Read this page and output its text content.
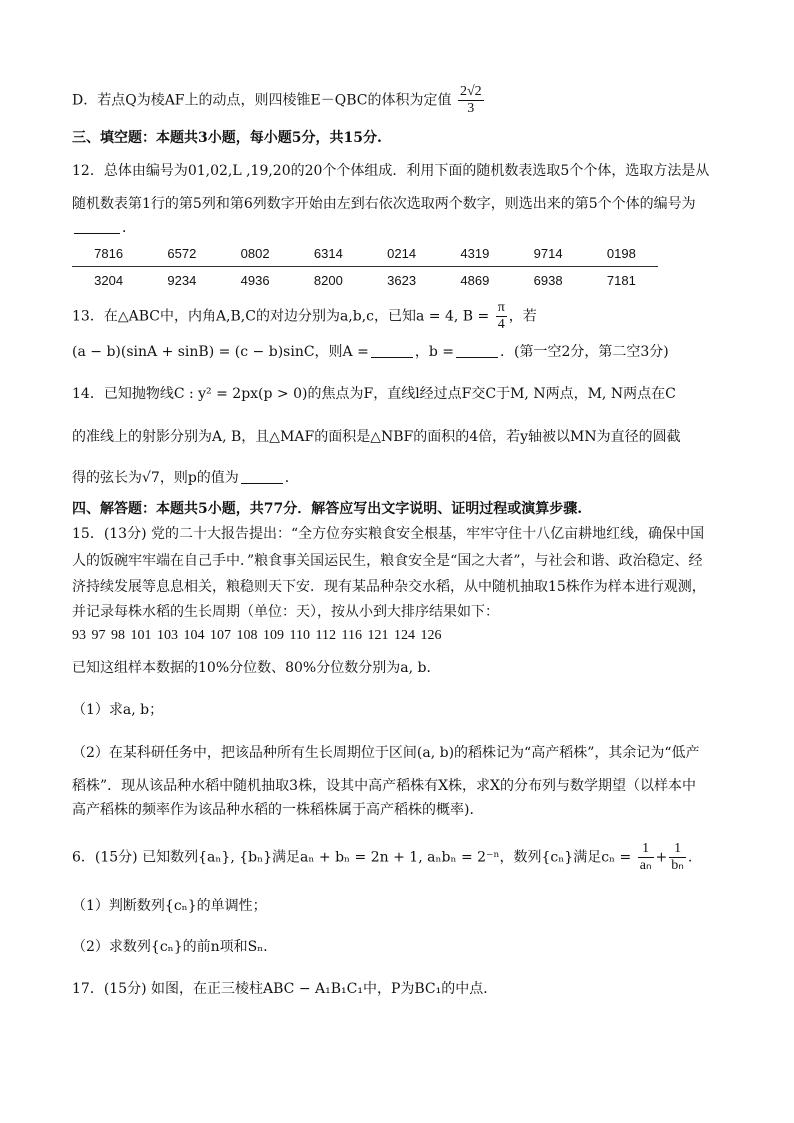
D．若点Q为棱AF上的动点，则四棱锥E－QBC的体积为定值 $\frac{2√2}{3}$
三、填空题：本题共3小题，每小题5分，共15分.
12．总体由编号为01,02,L ,19,20的20个个体组成．利用下面的随机数表选取5个个体，选取方法是从
随机数表第1行的第5列和第6列数字开始由左到右依次选取两个数字，则选出来的第5个个体的编号为
．
7816	6572	0802	6314	0214	4319	9714	0198
3204	9234	4936	8200	3623	4869	6938	7181
13．在△ABC中，内角A,B,C的对边分别为a,b,c，已知a = 4, $B = \frac{\pi}{4}$ ，若
(a − b)(sinA + sinB) = (c − b)sinC，则A =	，b =	．(第一空2分，第二空3分)
14．已知抛物线C : y² = 2px(p > 0)的焦点为F，直线l经过点F交C于M, N两点，M, N两点在C
的准线上的射影分别为A, B，且△MAF的面积是△NBF的面积的4倍，若y轴被以MN为直径的圆截
得的弦长为√7，则p的值为	．
四、解答题：本题共5小题，共77分．解答应写出文字说明、证明过程或演算步骤.
15．(13分) 党的二十大报告提出：“全方位夯实粮食安全根基，牢牢守住十八亿亩耕地红线，确保中国
人的饭碗牢牢端在自己手中．”粮食事关国运民生，粮食安全是“国之大者”，与社会和谐、政治稳定、经
济持续发展等息息相关，粮稳则天下安．现有某品种杂交水稻，从中随机抽取15株作为样本进行观测，
并记录每株水稻的生长周期（单位：天），按从小到大排序结果如下：
93 97 98 101 103 104 107 108 109 110 112 116 121 124 126
已知这组样本数据的10%分位数、80%分位数分别为a, b．
（1）求a, b；
（2）在某科研任务中，把该品种所有生长周期位于区间(a, b)的稻株记为“高产稻株”，其余记为“低产
稻株”．现从该品种水稻中随机抽取3株，设其中高产稻株有X株，求X的分布列与数学期望（以样本中
高产稻株的频率作为该品种水稻的一株稻株属于高产稻株的概率)．
6．(15分) 已知数列{aₙ}, {bₙ}满足aₙ + bₙ = 2n + 1, aₙbₙ = 2⁻ⁿ，数列{cₙ}满足$c_n = \frac{1}{\text{aₙ}} + \frac{1}{\text{bₙ}}$ .
（1）判断数列{cₙ}的单调性；
（2）求数列{cₙ}的前n项和Sₙ．
17．(15分) 如图，在正三棱柱ABC − A₁B₁C₁中，P为BC₁的中点．
